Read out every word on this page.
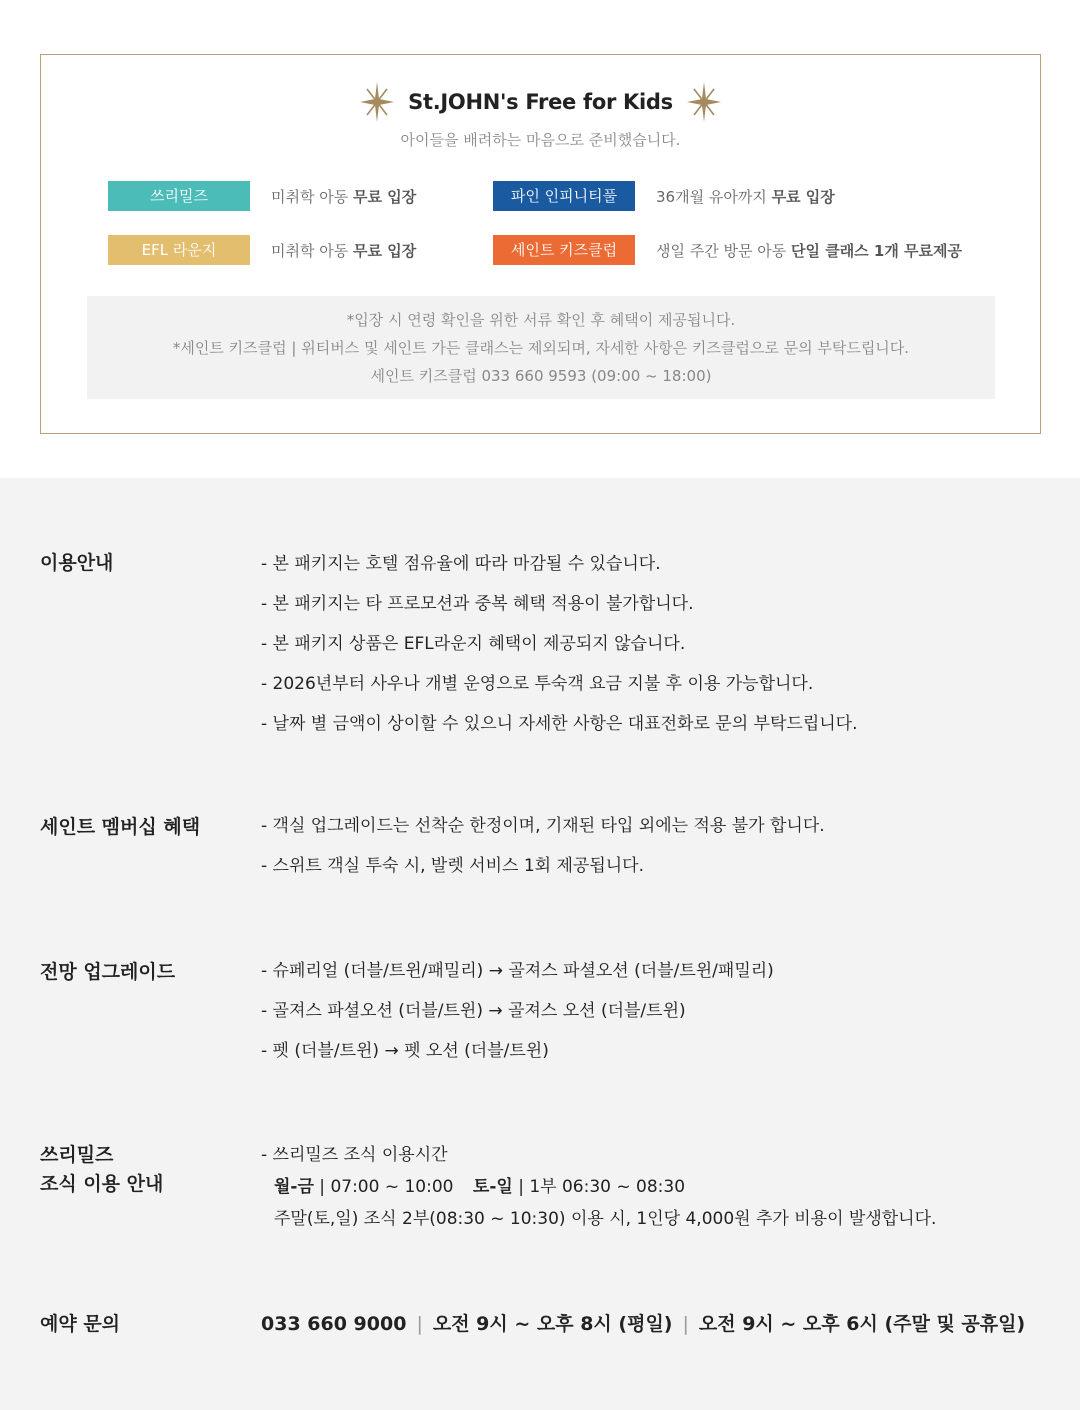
St.JOHN's Free for Kids
아이들을 배려하는 마음으로 준비했습니다.
쓰리밀즈	미취학 아동 무료 입장	파인 인피니티풀	36개월 유아까지 무료 입장
EFL 라운지	미취학 아동 무료 입장	세인트 키즈클럽	생일 주간 방문 아동 단일 클래스 1개 무료제공

*입장 시 연령 확인을 위한 서류 확인 후 혜택이 제공됩니다.

*세인트 키즈클럽 | 위티버스 및 세인트 가든 클래스는 제외되며, 자세한 사항은 키즈클럽으로 문의 부탁드립니다.

세인트 키즈클럽 033 660 9593 (09:00 ~ 18:00)

이용안내	- 본 패키지는 호텔 점유율에 따라 마감될 수 있습니다.
- 본 패키지는 타 프로모션과 중복 혜택 적용이 불가합니다.
- 본 패키지 상품은 EFL라운지 혜택이 제공되지 않습니다.
- 2026년부터 사우나 개별 운영으로 투숙객 요금 지불 후 이용 가능합니다.
- 날짜 별 금액이 상이할 수 있으니 자세한 사항은 대표전화로 문의 부탁드립니다.
세인트 멤버십 혜택	- 객실 업그레이드는 선착순 한정이며, 기재된 타입 외에는 적용 불가 합니다.
- 스위트 객실 투숙 시, 발렛 서비스 1회 제공됩니다.
전망 업그레이드	- 슈페리얼 (더블/트윈/패밀리) → 골져스 파셜오션 (더블/트윈/패밀리)
- 골져스 파셜오션 (더블/트윈) → 골져스 오션 (더블/트윈)
- 펫 (더블/트윈) → 펫 오션 (더블/트윈)
쓰리밀즈
조식 이용 안내
- 쓰리밀즈 조식 이용시간
월-금 | 07:00 ~ 10:00 토-일 | 1부 06:30 ~ 08:30
주말(토,일) 조식 2부(08:30 ~ 10:30) 이용 시, 1인당 4,000원 추가 비용이 발생합니다.
예약 문의	033 660 9000 | 오전 9시 ~ 오후 8시 (평일) | 오전 9시 ~ 오후 6시 (주말 및 공휴일)
